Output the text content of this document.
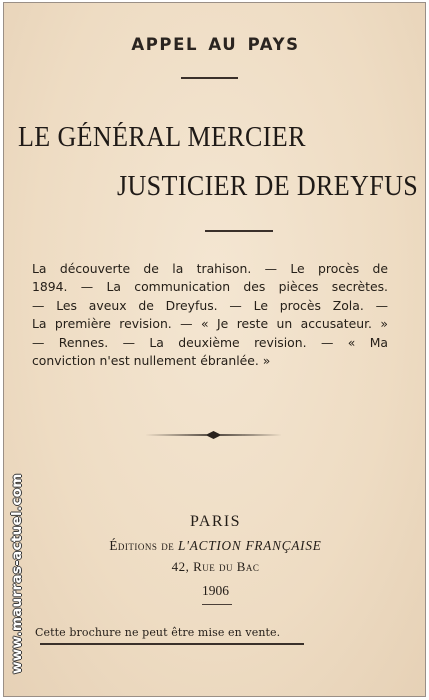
APPEL AU PAYS
LE GÉNÉRAL MERCIER
JUSTICIER DE DREYFUS
La découverte de la trahison. — Le procès de
1894. — La communication des pièces secrètes.
— Les aveux de Dreyfus. — Le procès Zola. —
La première revision. — « Je reste un accusateur. »
— Rennes. — La deuxième revision. — « Ma
conviction n'est nullement ébranlée. »
PARIS
Éditions de L'ACTION FRANÇAISE
42, Rue du Bac
1906
Cette brochure ne peut être mise en vente.
www.maurras-actuel.com
